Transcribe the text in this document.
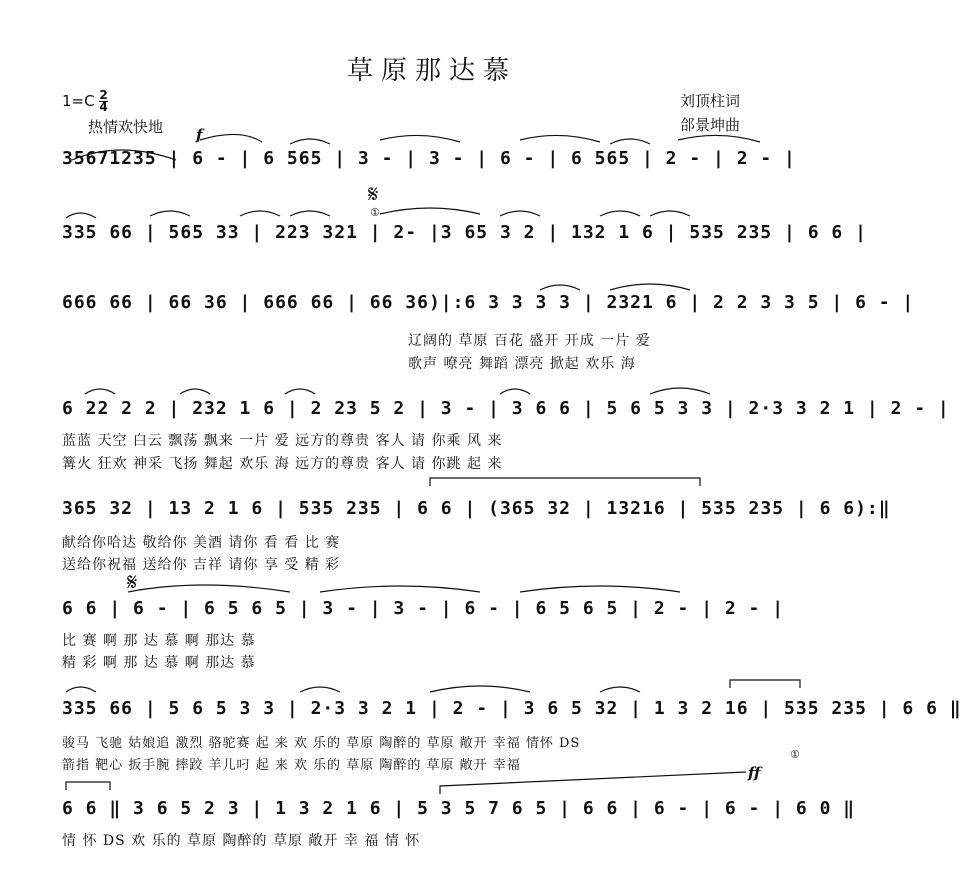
草原那达慕
$1=C \frac{2}{4}$
热情欢快地
刘顶柱词
郃景坤曲
f
𝄋
①
𝄋
①
ff
35671235 | 6 - | 6 565 | 3 - | 3 - | 6 - | 6 565 | 2 - | 2 - |
335 66 | 565 33 | 223 321 | 2- |3 65 3 2 | 132 1 6 | 535 235 | 6 6 |
666 66 | 66 36 | 666 66 | 66 36)|:6 3 3 3 3 | 2321 6 | 2 2 3 3 5 | 6 - |
辽阔的 草原 百花 盛开 开成 一片 爱
歌声 嘹亮 舞蹈 漂亮 掀起 欢乐 海
6 22 2 2 | 232 1 6 | 2 23 5 2 | 3 - | 3 6 6 | 5 6 5 3 3 | 2·3 3 2 1 | 2 - |
蓝蓝 天空 白云 飘荡 飘来 一片 爱 远方的尊贵 客人 请 你乘 风 来
篝火 狂欢 神采 飞扬 舞起 欢乐 海 远方的尊贵 客人 请 你跳 起 来
365 32 | 13 2 1 6 | 535 235 | 6 6 | (365 32 | 13216 | 535 235 | 6 6):‖
献给你哈达 敬给你 美酒 请你 看 看 比 赛
送给你祝福 送给你 吉祥 请你 享 受 精 彩
6 6 | 6 - | 6 5 6 5 | 3 - | 3 - | 6 - | 6 5 6 5 | 2 - | 2 - |
比 赛 啊 那 达 慕 啊 那达 慕
精 彩 啊 那 达 慕 啊 那达 慕
335 66 | 5 6 5 3 3 | 2·3 3 2 1 | 2 - | 3 6 5 32 | 1 3 2 16 | 535 235 | 6 6 ‖
骏马 飞驰 姑娘追 激烈 骆驼赛 起 来 欢 乐的 草原 陶醉的 草原 敞开 幸福 情怀 DS
箭指 靶心 扳手腕 摔跤 羊儿叼 起 来 欢 乐的 草原 陶醉的 草原 敞开 幸福
6 6 ‖ 3 6 5 2 3 | 1 3 2 1 6 | 5 3 5 7 6 5 | 6 6 | 6 - | 6 - | 6 0 ‖
情 怀 DS 欢 乐的 草原 陶醉的 草原 敞开 幸 福 情 怀
